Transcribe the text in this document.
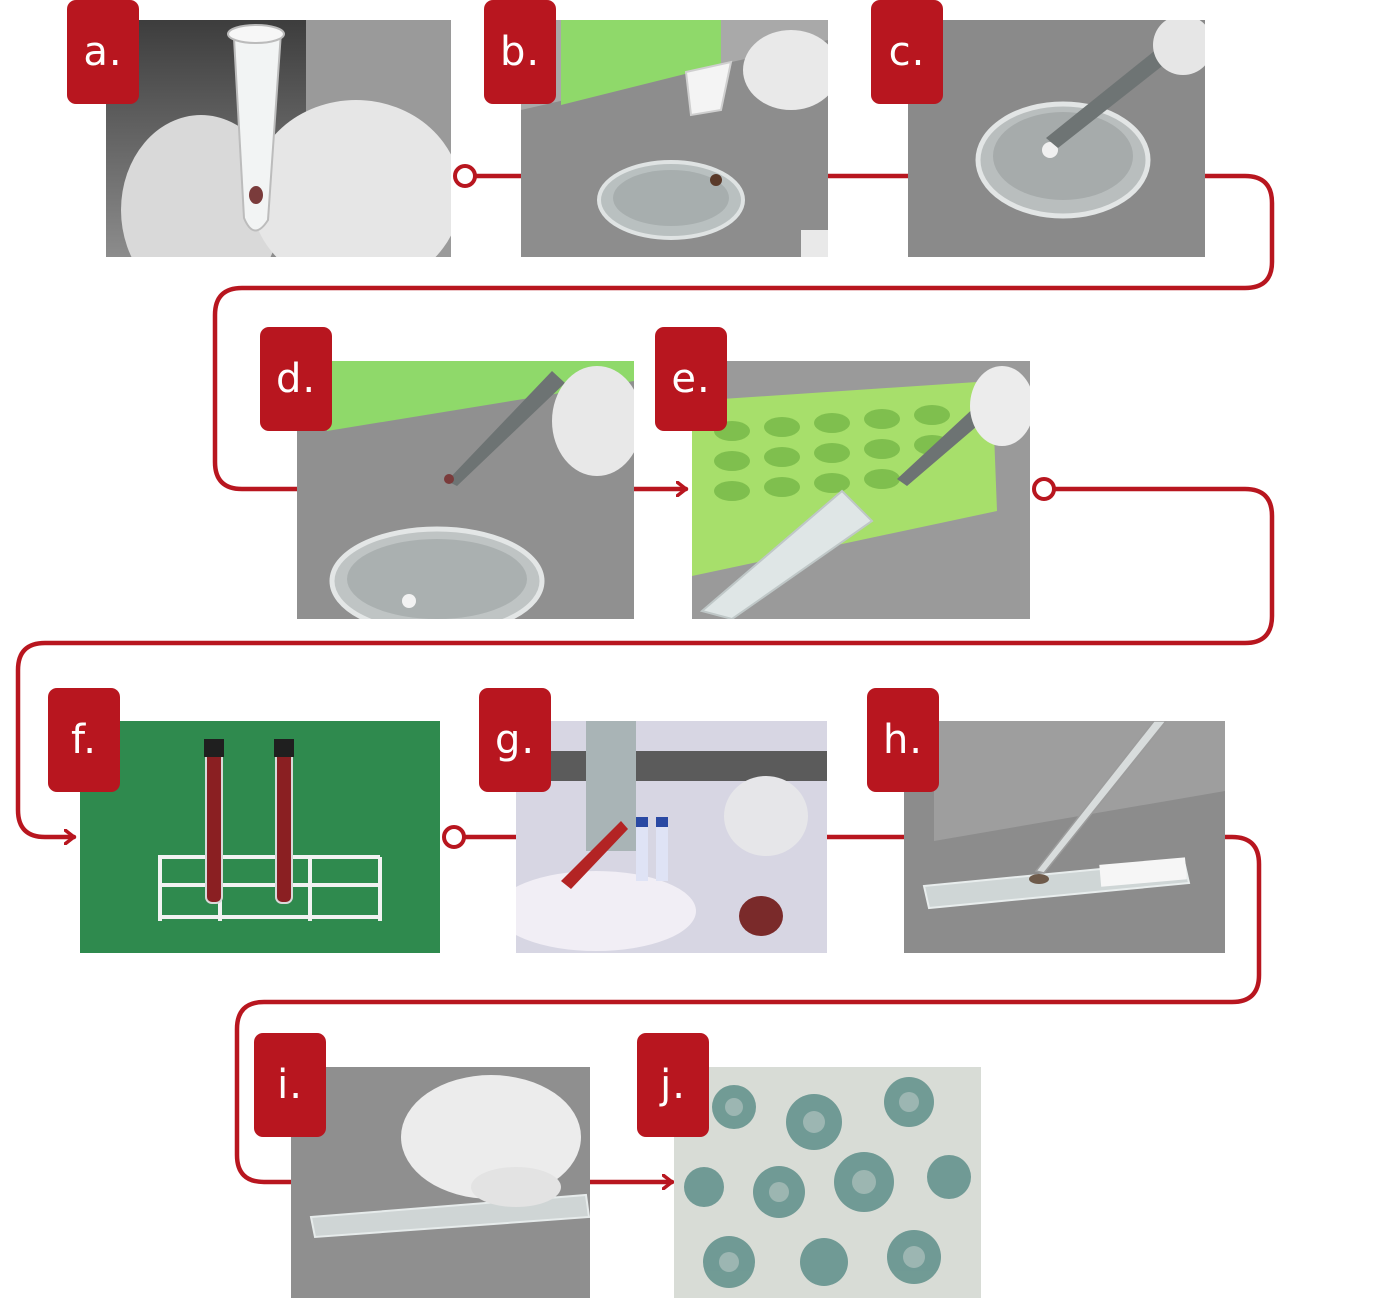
a.	b.	c.
d.	e.
f.	g.	h.
i.	j.
